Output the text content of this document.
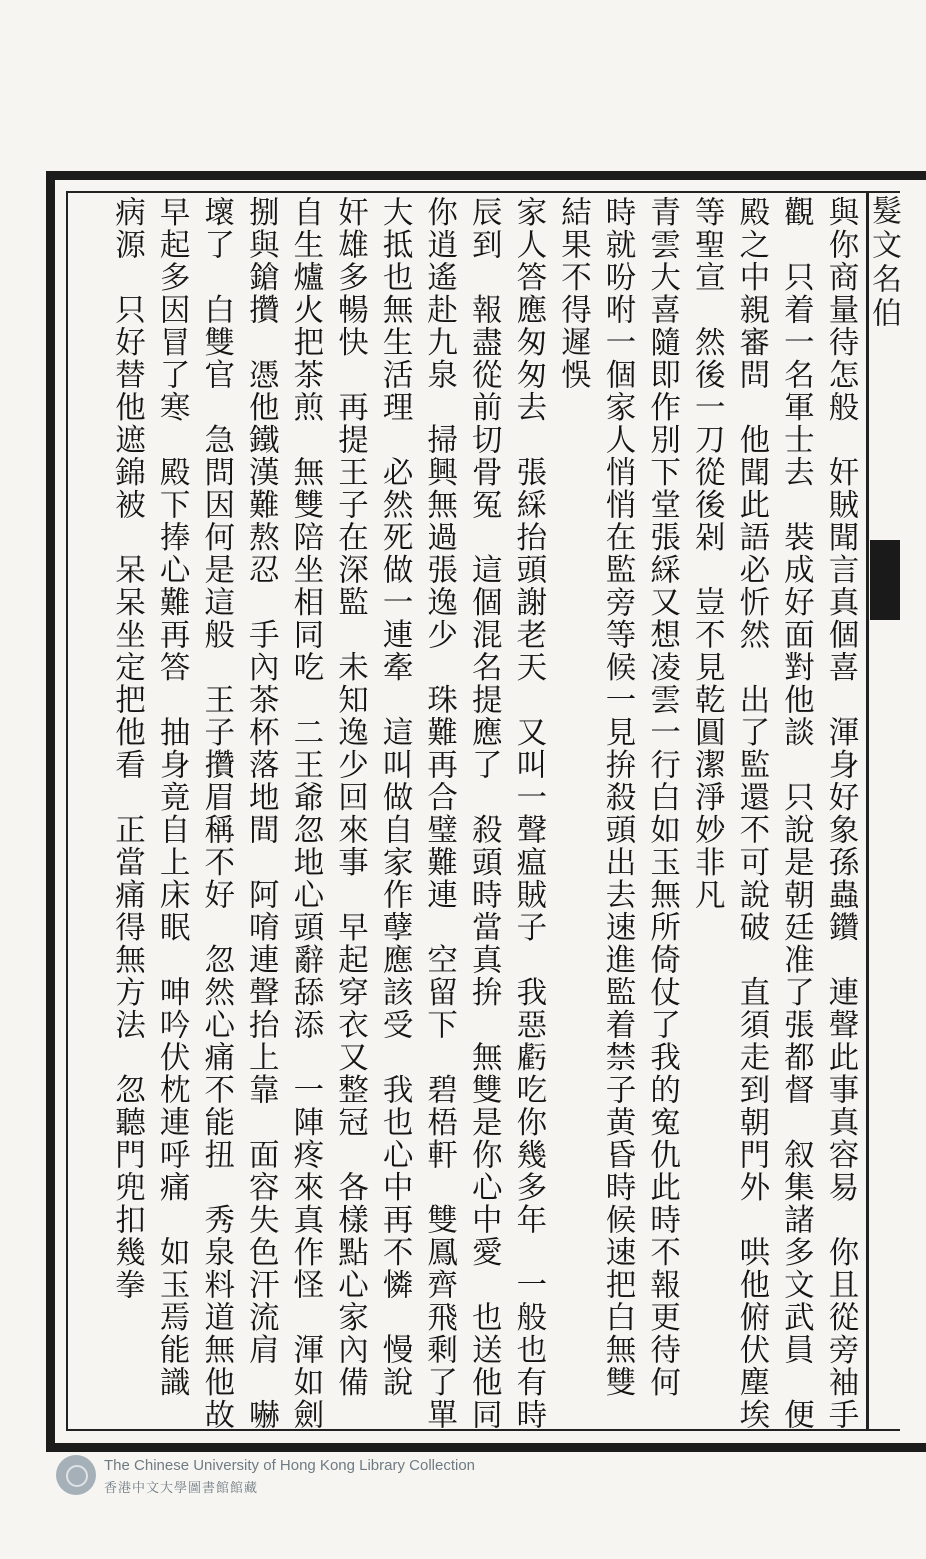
髮文名伯
與你商量待怎般　奸賊聞言真個喜　渾身好象孫蟲鑽　連聲此事真容易　你且從旁袖手
觀　只着一名軍士去　裝成好面對他談　只說是朝廷准了張都督　叙集諸多文武員　便
殿之中親審問　他聞此語必忻然　出了監還不可說破　直須走到朝門外　哄他俯伏塵埃
等聖宣　然後一刀從後剁　豈不見乾圓潔淨妙非凡
青雲大喜隨即作別下堂張綵又想凌雲一行白如玉無所倚仗了我的寃仇此時不報更待何
時就吩咐一個家人悄悄在監旁等候一見拚殺頭出去速進監着禁子黄昏時候速把白無雙
結果不得遲悞
家人答應匆匆去　張綵抬頭謝老天　又叫一聲瘟賊子　我惡虧吃你幾多年　一般也有時
辰到　報盡從前切骨冤　這個混名提應了　殺頭時當真拚　無雙是你心中愛　也送他同
你逍遙赴九泉　掃興無過張逸少　珠難再合璧難連　空留下　碧梧軒　雙鳳齊飛剩了單
大抵也無生活理　必然死做一連牽　這叫做自家作孽應該受　我也心中再不憐　慢說
奸雄多暢快　再提王子在深監　未知逸少回來事　早起穿衣又整冠　各樣點心家內備
自生爐火把茶煎　無雙陪坐相同吃　二王爺忽地心頭辭舔添　一陣疼來真作怪　渾如劍
捌與鎗攢　憑他鐵漢難熬忍　手內茶杯落地間　阿唷連聲抬上靠　面容失色汗流肩　嚇
壞了　白雙官　急問因何是這般　王子攢眉稱不好　忽然心痛不能扭　秀泉料道無他故
早起多因冒了寒　殿下捧心難再答　抽身竟自上床眠　呻吟伏枕連呼痛　如玉焉能識
病源　只好替他遮錦被　呆呆坐定把他看　正當痛得無方法　忽聽門兜扣幾拳
The Chinese University of Hong Kong Library Collection
香港中文大學圖書館館藏
